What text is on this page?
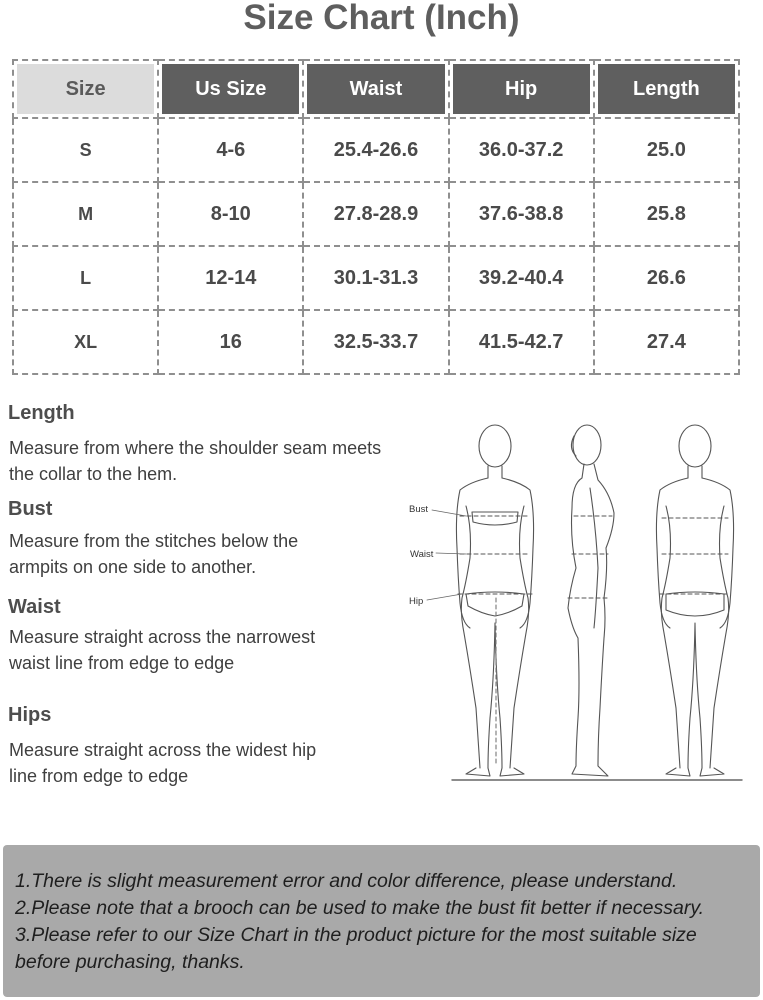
Size Chart (Inch)
Size	Us Size	Waist	Hip	Length

S	4-6	25.4-26.6	36.0-37.2	25.0
M	8-10	27.8-28.9	37.6-38.8	25.8
L	12-14	30.1-31.3	39.2-40.4	26.6
XL	16	32.5-33.7	41.5-42.7	27.4
Length
Measure from where the shoulder seam meets
the collar to the hem.
Bust
Measure from the stitches below the
armpits on one side to another.
Waist
Measure straight across the narrowest
waist line from edge to edge
Hips
Measure straight across the widest hip
line from edge to edge
Bust
Waist
Hip
1.There is slight measurement error and color difference, please understand.
2.Please note that a brooch can be used to make the bust fit better if necessary.
3.Please refer to our Size Chart in the product picture for the most suitable size
before purchasing, thanks.
